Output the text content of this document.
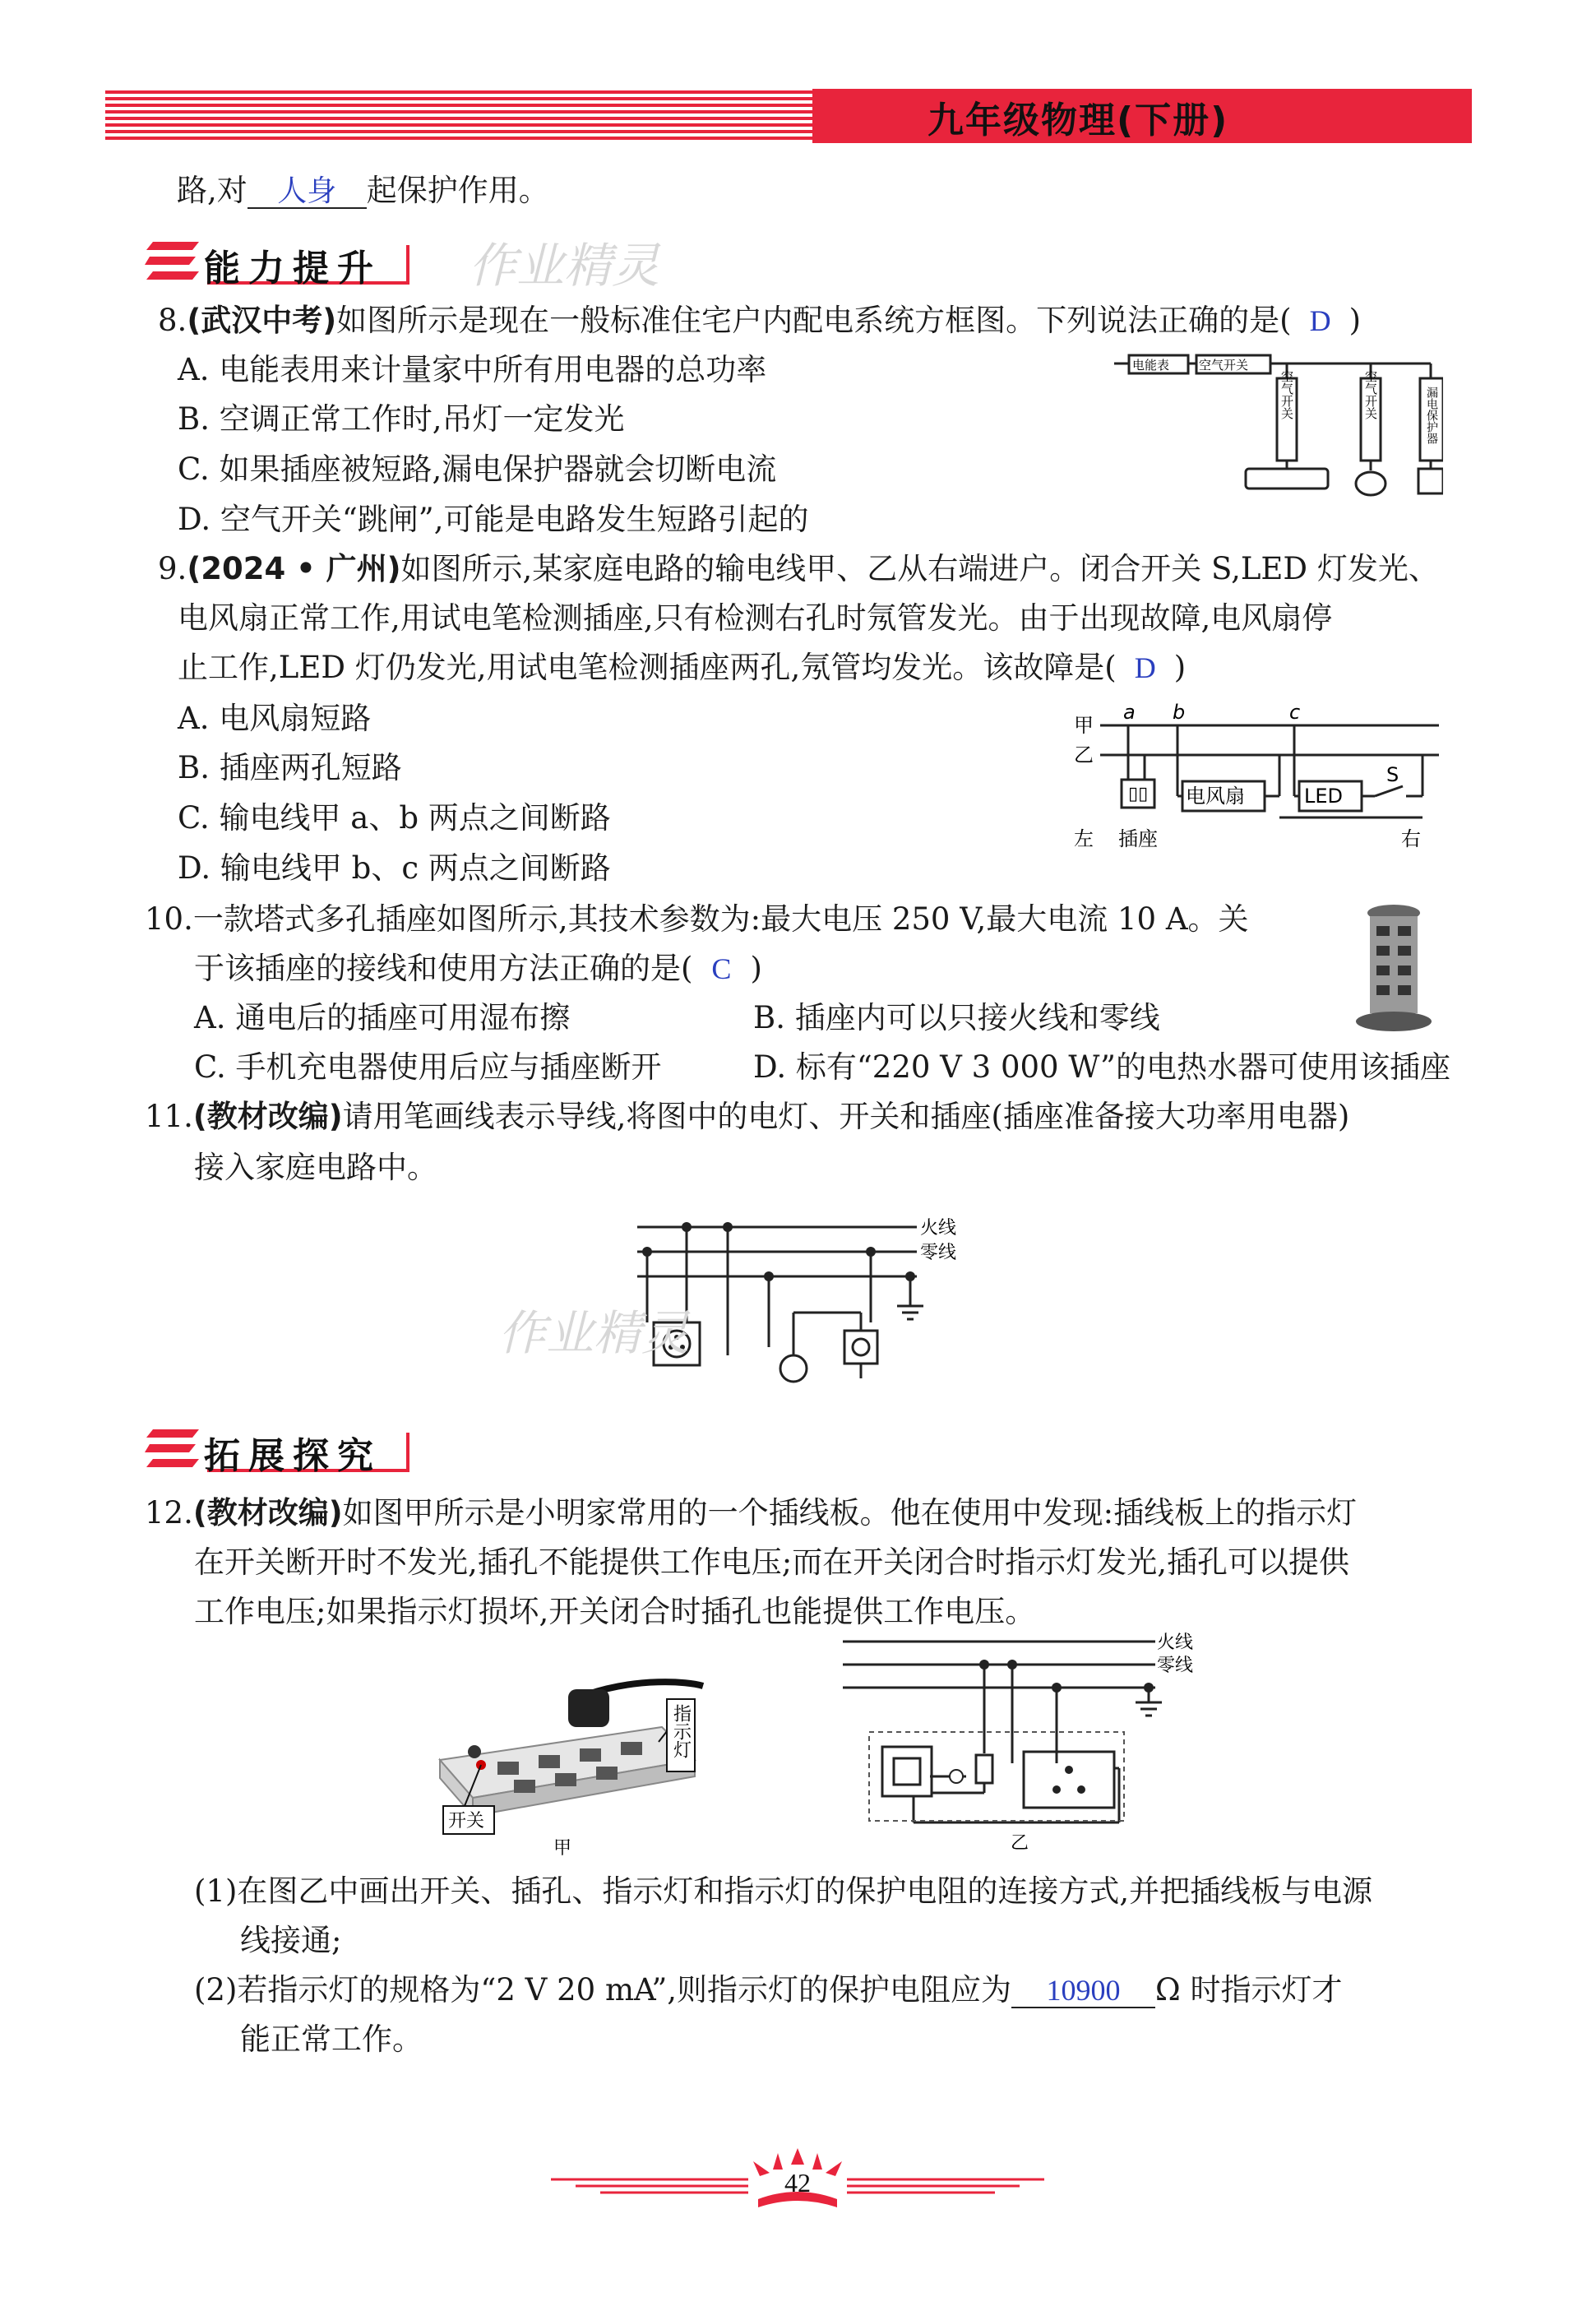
九年级物理(下册)
路,对 人身 起保护作用。
能力提升 作业精灵
8.(武汉中考)如图所示是现在一般标准住宅户内配电系统方框图。下列说法正确的是( D )
A. 电能表用来计量家中所有用电器的总功率
B. 空调正常工作时,吊灯一定发光
C. 如果插座被短路,漏电保护器就会切断电流
D. 空气开关“跳闸”,可能是电路发生短路引起的
电能表 空气开关
空气开关	空气开关	漏电保护器
9.(2024 • 广州)如图所示,某家庭电路的输电线甲、乙从右端进户。闭合开关 S,LED 灯发光、
电风扇正常工作,用试电笔检测插座,只有检测右孔时氖管发光。由于出现故障,电风扇停
止工作,LED 灯仍发光,用试电笔检测插座两孔,氖管均发光。该故障是( D )
A. 电风扇短路
B. 插座两孔短路
C. 输电线甲 a、b 两点之间断路
D. 输电线甲 b、c 两点之间断路
甲
乙
a b	c
电风扇	LED
S
▯▯
左 插座	右
10.一款塔式多孔插座如图所示,其技术参数为:最大电压 250 V,最大电流 10 A。关
于该插座的接线和使用方法正确的是( C )
A. 通电后的插座可用湿布擦	B. 插座内可以只接火线和零线
C. 手机充电器使用后应与插座断开	D. 标有“220 V 3 000 W”的电热水器可使用该插座
11.(教材改编)请用笔画线表示导线,将图中的电灯、开关和插座(插座准备接大功率用电器)
接入家庭电路中。
火线
零线
作业精灵
拓展探究
12.(教材改编)如图甲所示是小明家常用的一个插线板。他在使用中发现:插线板上的指示灯
在开关断开时不发光,插孔不能提供工作电压;而在开关闭合时指示灯发光,插孔可以提供
工作电压;如果指示灯损坏,开关闭合时插孔也能提供工作电压。
指示灯
开关
甲
火线
零线
乙
(1)在图乙中画出开关、插孔、指示灯和指示灯的保护电阻的连接方式,并把插线板与电源
线接通;
(2)若指示灯的规格为“2 V 20 mA”,则指示灯的保护电阻应为 10900 Ω 时指示灯才
能正常工作。
42
